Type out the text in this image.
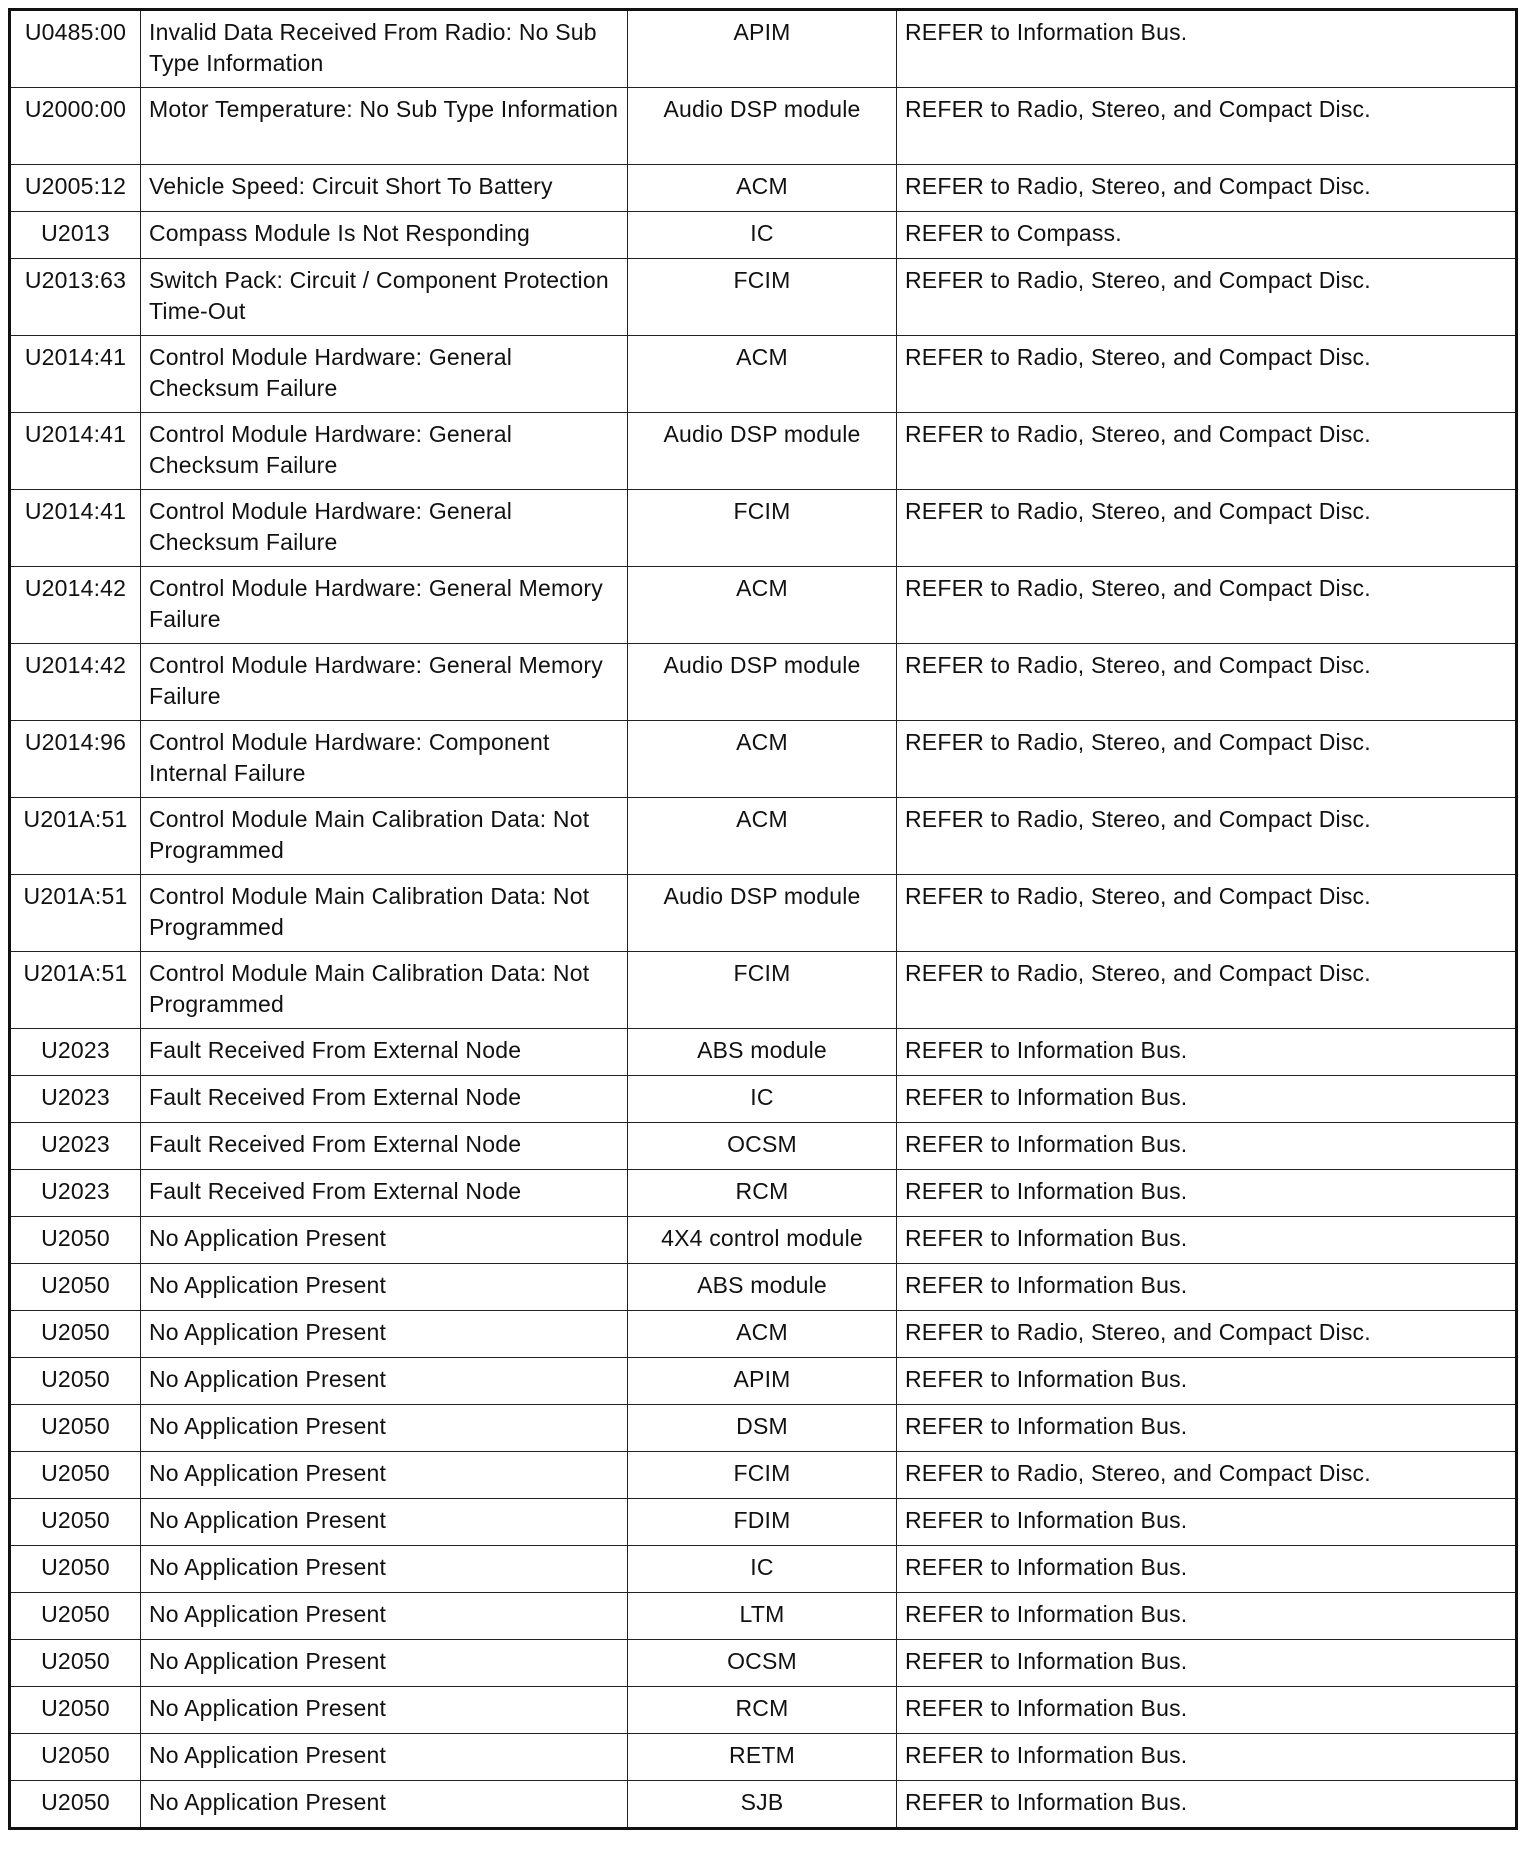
U0485:00	Invalid Data Received From Radio: No Sub Type Information	APIM	REFER to Information Bus.
U2000:00	Motor Temperature: No Sub Type Information	Audio DSP module	REFER to Radio, Stereo, and Compact Disc.
U2005:12	Vehicle Speed: Circuit Short To Battery	ACM	REFER to Radio, Stereo, and Compact Disc.
U2013	Compass Module Is Not Responding	IC	REFER to Compass.
U2013:63	Switch Pack: Circuit / Component Protection Time-Out	FCIM	REFER to Radio, Stereo, and Compact Disc.
U2014:41	Control Module Hardware: General Checksum Failure	ACM	REFER to Radio, Stereo, and Compact Disc.
U2014:41	Control Module Hardware: General Checksum Failure	Audio DSP module	REFER to Radio, Stereo, and Compact Disc.
U2014:41	Control Module Hardware: General Checksum Failure	FCIM	REFER to Radio, Stereo, and Compact Disc.
U2014:42	Control Module Hardware: General Memory Failure	ACM	REFER to Radio, Stereo, and Compact Disc.
U2014:42	Control Module Hardware: General Memory Failure	Audio DSP module	REFER to Radio, Stereo, and Compact Disc.
U2014:96	Control Module Hardware: Component Internal Failure	ACM	REFER to Radio, Stereo, and Compact Disc.
U201A:51	Control Module Main Calibration Data: Not Programmed	ACM	REFER to Radio, Stereo, and Compact Disc.
U201A:51	Control Module Main Calibration Data: Not Programmed	Audio DSP module	REFER to Radio, Stereo, and Compact Disc.
U201A:51	Control Module Main Calibration Data: Not Programmed	FCIM	REFER to Radio, Stereo, and Compact Disc.
U2023	Fault Received From External Node	ABS module	REFER to Information Bus.
U2023	Fault Received From External Node	IC	REFER to Information Bus.
U2023	Fault Received From External Node	OCSM	REFER to Information Bus.
U2023	Fault Received From External Node	RCM	REFER to Information Bus.
U2050	No Application Present	4X4 control module	REFER to Information Bus.
U2050	No Application Present	ABS module	REFER to Information Bus.
U2050	No Application Present	ACM	REFER to Radio, Stereo, and Compact Disc.
U2050	No Application Present	APIM	REFER to Information Bus.
U2050	No Application Present	DSM	REFER to Information Bus.
U2050	No Application Present	FCIM	REFER to Radio, Stereo, and Compact Disc.
U2050	No Application Present	FDIM	REFER to Information Bus.
U2050	No Application Present	IC	REFER to Information Bus.
U2050	No Application Present	LTM	REFER to Information Bus.
U2050	No Application Present	OCSM	REFER to Information Bus.
U2050	No Application Present	RCM	REFER to Information Bus.
U2050	No Application Present	RETM	REFER to Information Bus.
U2050	No Application Present	SJB	REFER to Information Bus.
